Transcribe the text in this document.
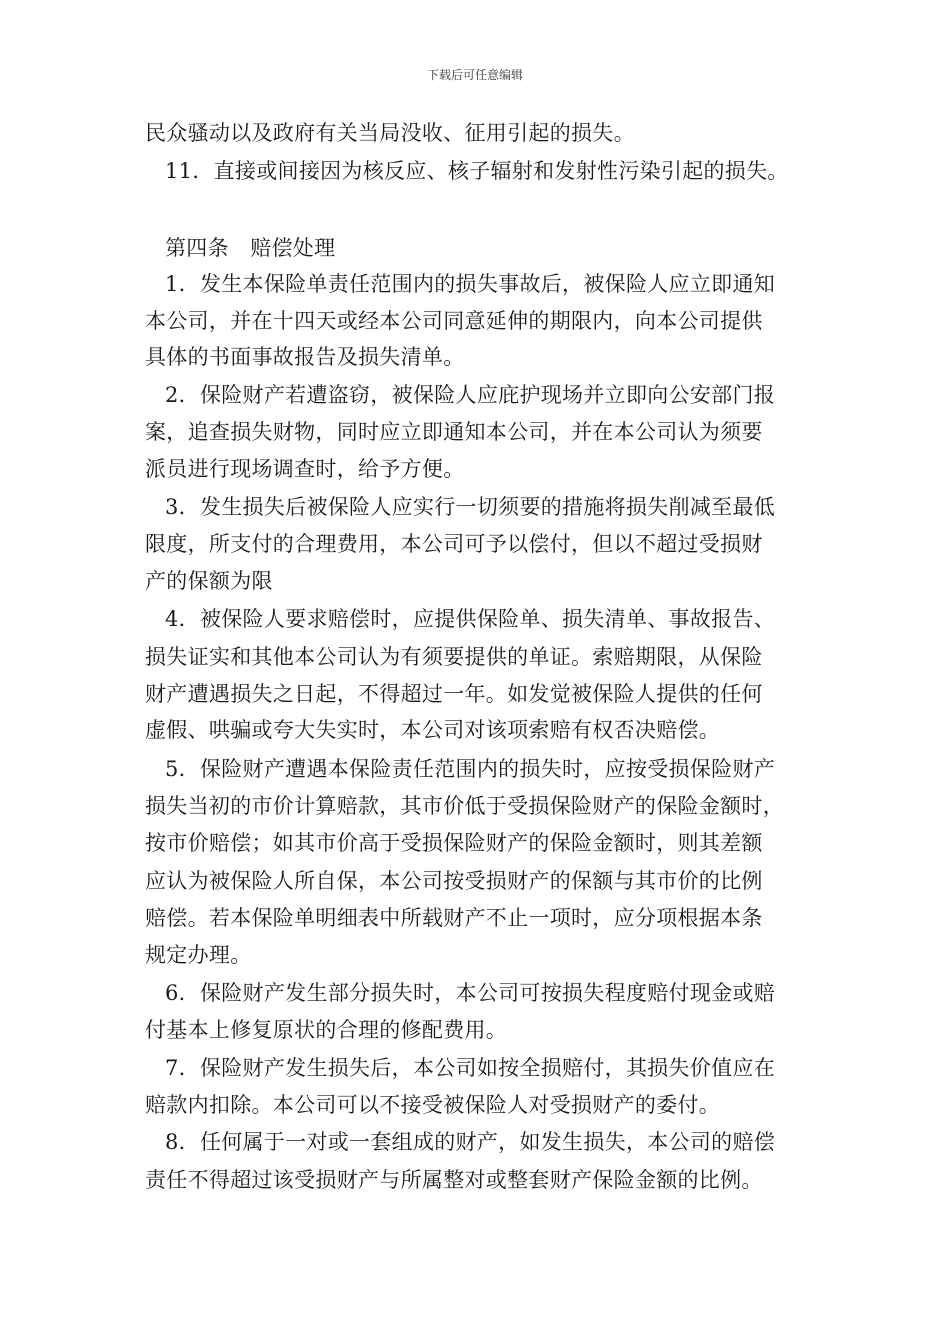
下载后可任意编辑
民众骚动以及政府有关当局没收、征用引起的损失。
11．直接或间接因为核反应、核子辐射和发射性污染引起的损失。
第四条　赔偿处理
1．发生本保险单责任范围内的损失事故后，被保险人应立即通知
本公司，并在十四天或经本公司同意延伸的期限内，向本公司提供
具体的书面事故报告及损失清单。
2．保险财产若遭盗窃，被保险人应庇护现场并立即向公安部门报
案，追查损失财物，同时应立即通知本公司，并在本公司认为须要
派员进行现场调查时，给予方便。
3．发生损失后被保险人应实行一切须要的措施将损失削减至最低
限度，所支付的合理费用，本公司可予以偿付，但以不超过受损财
产的保额为限
4．被保险人要求赔偿时，应提供保险单、损失清单、事故报告、
损失证实和其他本公司认为有须要提供的单证。索赔期限，从保险
财产遭遇损失之日起，不得超过一年。如发觉被保险人提供的任何
虚假、哄骗或夸大失实时，本公司对该项索赔有权否决赔偿。
5．保险财产遭遇本保险责任范围内的损失时，应按受损保险财产
损失当初的市价计算赔款，其市价低于受损保险财产的保险金额时，
按市价赔偿；如其市价高于受损保险财产的保险金额时，则其差额
应认为被保险人所自保，本公司按受损财产的保额与其市价的比例
赔偿。若本保险单明细表中所载财产不止一项时，应分项根据本条
规定办理。
6．保险财产发生部分损失时，本公司可按损失程度赔付现金或赔
付基本上修复原状的合理的修配费用。
7．保险财产发生损失后，本公司如按全损赔付，其损失价值应在
赔款内扣除。本公司可以不接受被保险人对受损财产的委付。
8．任何属于一对或一套组成的财产，如发生损失，本公司的赔偿
责任不得超过该受损财产与所属整对或整套财产保险金额的比例。
